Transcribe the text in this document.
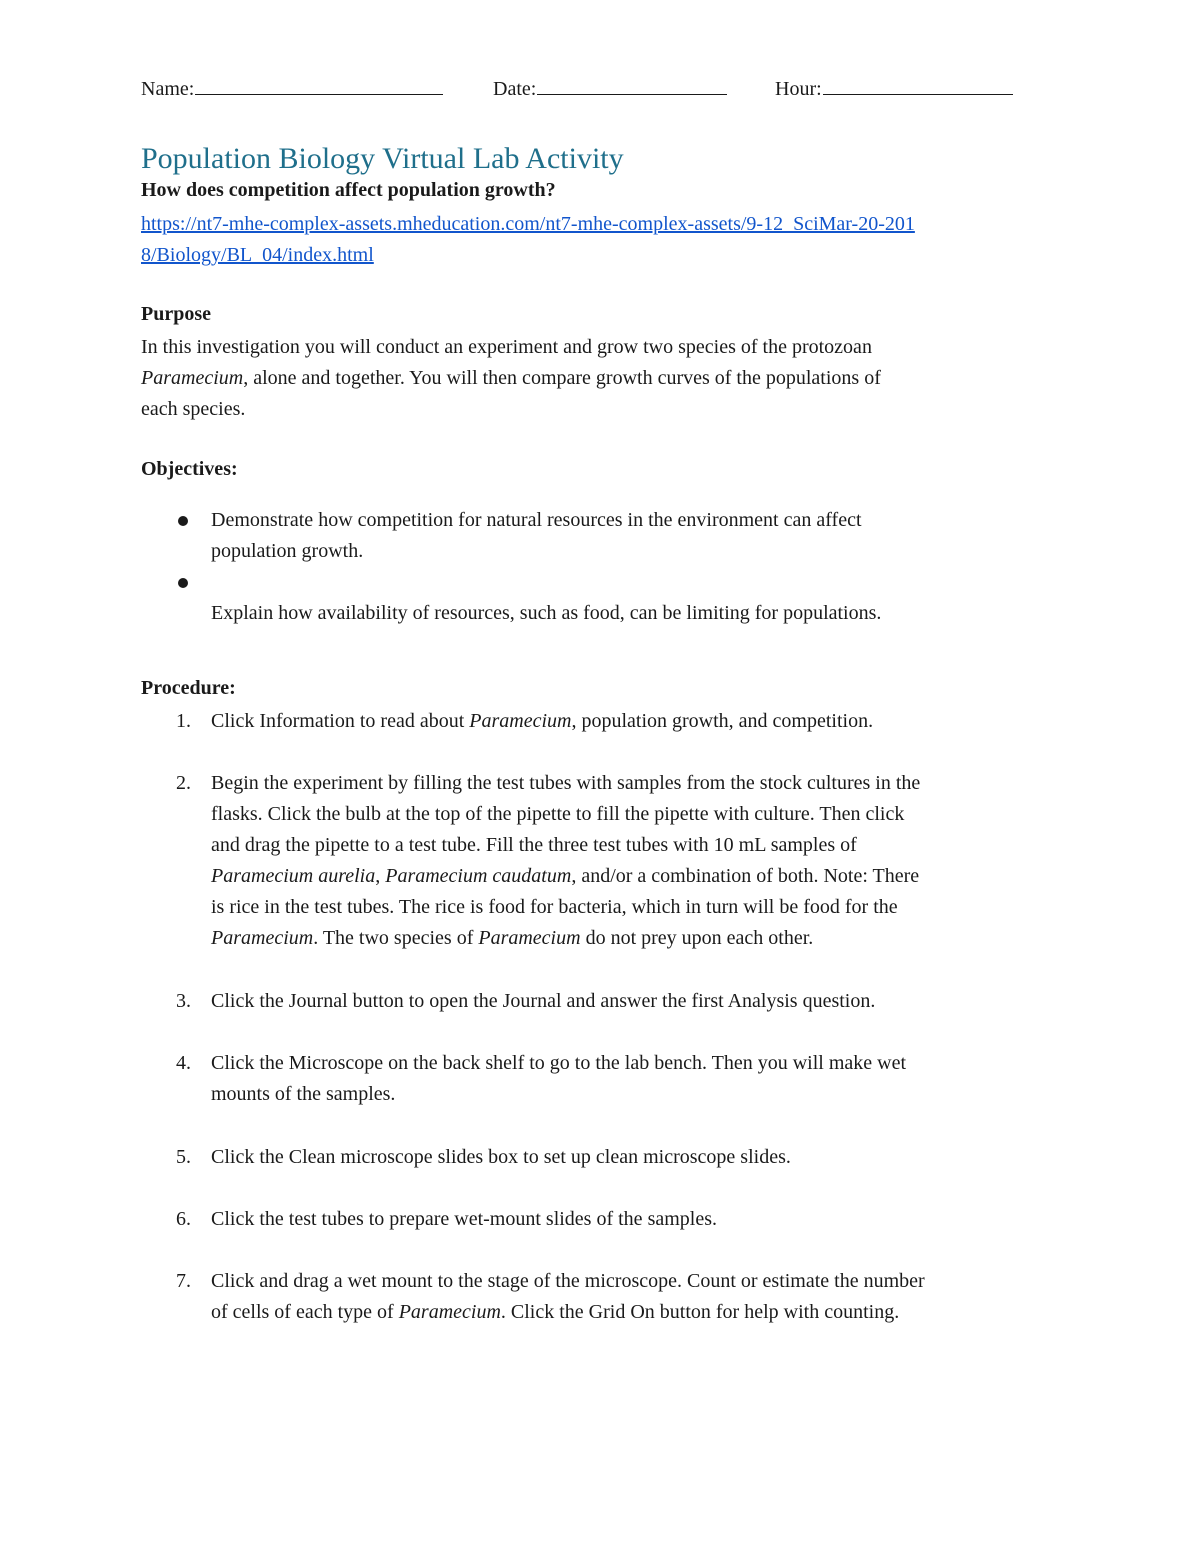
Name:	Date:	Hour:
Population Biology Virtual Lab Activity
How does competition affect population growth?
https://nt7-mhe-complex-assets.mheducation.com/nt7-mhe-complex-assets/9-12_SciMar-20-201
8/Biology/BL_04/index.html
Purpose
In this investigation you will conduct an experiment and grow two species of the protozoan
Paramecium, alone and together. You will then compare growth curves of the populations of
each species.
Objectives:
Demonstrate how competition for natural resources in the environment can affect
population growth.
Explain how availability of resources, such as food, can be limiting for populations.
Procedure:
1. Click Information to read about Paramecium, population growth, and competition.
2. Begin the experiment by filling the test tubes with samples from the stock cultures in the
flasks. Click the bulb at the top of the pipette to fill the pipette with culture. Then click
and drag the pipette to a test tube. Fill the three test tubes with 10 mL samples of
Paramecium aurelia, Paramecium caudatum, and/or a combination of both. Note: There
is rice in the test tubes. The rice is food for bacteria, which in turn will be food for the
Paramecium. The two species of Paramecium do not prey upon each other.
3. Click the Journal button to open the Journal and answer the first Analysis question.
4. Click the Microscope on the back shelf to go to the lab bench. Then you will make wet
mounts of the samples.
5. Click the Clean microscope slides box to set up clean microscope slides.
6. Click the test tubes to prepare wet-mount slides of the samples.
7. Click and drag a wet mount to the stage of the microscope. Count or estimate the number
of cells of each type of Paramecium. Click the Grid On button for help with counting.
